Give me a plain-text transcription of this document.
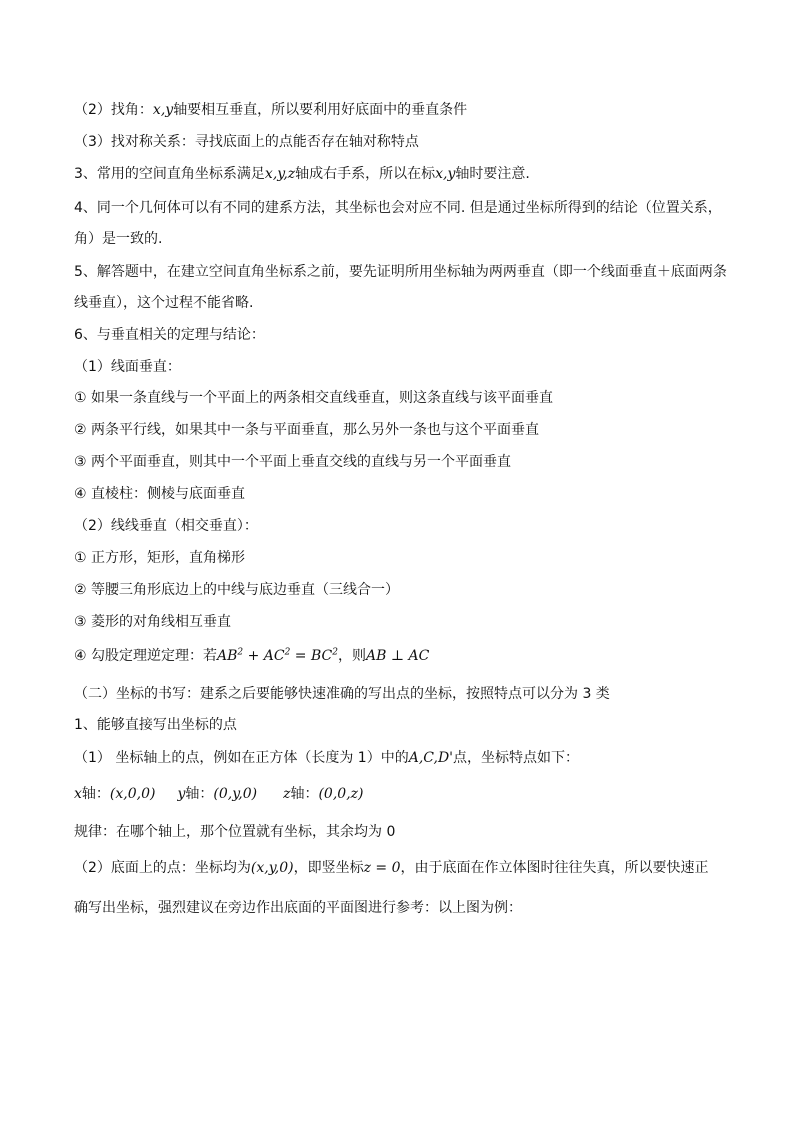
（2）找角：x,y轴要相互垂直，所以要利用好底面中的垂直条件
（3）找对称关系：寻找底面上的点能否存在轴对称特点
3、常用的空间直角坐标系满足x,y,z轴成右手系，所以在标x,y轴时要注意.
4、同一个几何体可以有不同的建系方法，其坐标也会对应不同. 但是通过坐标所得到的结论（位置关系，
角）是一致的.
5、解答题中，在建立空间直角坐标系之前，要先证明所用坐标轴为两两垂直（即一个线面垂直＋底面两条
线垂直），这个过程不能省略.
6、与垂直相关的定理与结论：
（1）线面垂直：
① 如果一条直线与一个平面上的两条相交直线垂直，则这条直线与该平面垂直
② 两条平行线，如果其中一条与平面垂直，那么另外一条也与这个平面垂直
③ 两个平面垂直，则其中一个平面上垂直交线的直线与另一个平面垂直
④ 直棱柱：侧棱与底面垂直
（2）线线垂直（相交垂直）：
① 正方形，矩形，直角梯形
② 等腰三角形底边上的中线与底边垂直（三线合一）
③ 菱形的对角线相互垂直
④ 勾股定理逆定理：若$AB^2 + AC^2 = BC^2$，则AB ⊥ AC
（二）坐标的书写：建系之后要能够快速准确的写出点的坐标，按照特点可以分为 3 类
1、能够直接写出坐标的点
（1） 坐标轴上的点，例如在正方体（长度为 1）中的A,C,D'点，坐标特点如下：
x轴：(x,0,0) y轴：(0,y,0) z轴：(0,0,z)
规律：在哪个轴上，那个位置就有坐标，其余均为 0
（2）底面上的点：坐标均为(x,y,0)，即竖坐标z = 0，由于底面在作立体图时往往失真，所以要快速正
确写出坐标，强烈建议在旁边作出底面的平面图进行参考：以上图为例：
